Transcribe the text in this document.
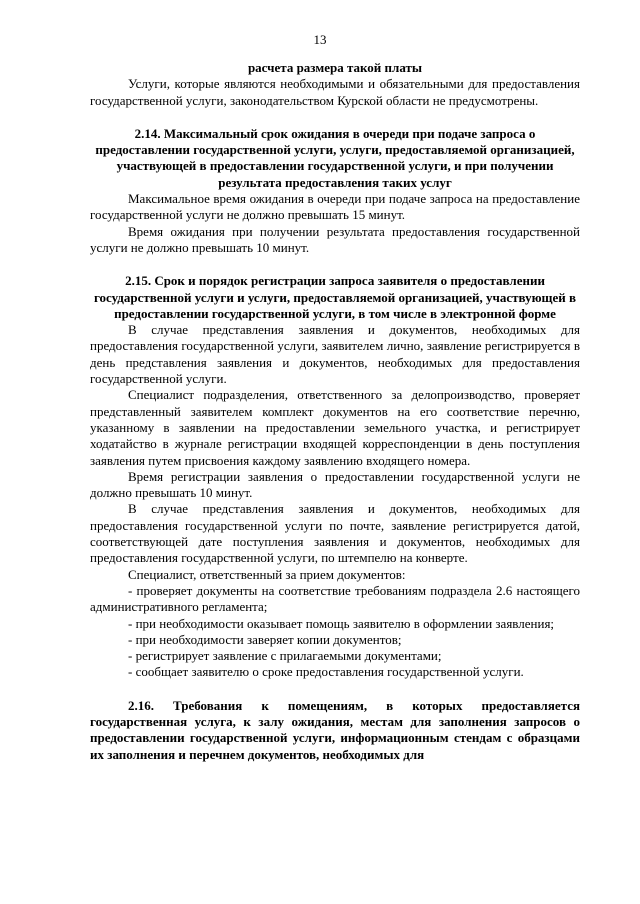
13

расчета размера такой платы

Услуги, которые являются необходимыми и обязательными для предоставления государственной услуги, законодательством Курской области не предусмотрены.

2.14. Максимальный срок ожидания в очереди при подаче запроса о предоставлении государственной услуги, услуги, предоставляемой организацией, участвующей в предоставлении государственной услуги, и при получении результата предоставления таких услуг

Максимальное время ожидания в очереди при подаче запроса на предоставление государственной услуги не должно превышать 15 минут.

Время ожидания при получении результата предоставления государственной услуги не должно превышать 10 минут.

2.15. Срок и порядок регистрации запроса заявителя о предоставлении государственной услуги и услуги, предоставляемой организацией, участвующей в предоставлении государственной услуги, в том числе в электронной форме

В случае представления заявления и документов, необходимых для предоставления государственной услуги, заявителем лично, заявление регистрируется в день представления заявления и документов, необходимых для предоставления государственной услуги.

Специалист подразделения, ответственного за делопроизводство, проверяет представленный заявителем комплект документов на его соответствие перечню, указанному в заявлении на предоставлении земельного участка, и регистрирует ходатайство в журнале регистрации входящей корреспонденции в день поступления заявления путем присвоения каждому заявлению входящего номера.

Время регистрации заявления о предоставлении государственной услуги не должно превышать 10 минут.

В случае представления заявления и документов, необходимых для предоставления государственной услуги по почте, заявление регистрируется датой, соответствующей дате поступления заявления и документов, необходимых для предоставления государственной услуги, по штемпелю на конверте.

Специалист, ответственный за прием документов:

- проверяет документы на соответствие требованиям подраздела 2.6 настоящего административного регламента;

- при необходимости оказывает помощь заявителю в оформлении заявления;

- при необходимости заверяет копии документов;

- регистрирует заявление с прилагаемыми документами;

- сообщает заявителю о сроке предоставления государственной услуги.

2.16. Требования к помещениям, в которых предоставляется государственная услуга, к залу ожидания, местам для заполнения запросов о предоставлении государственной услуги, информационным стендам с образцами их заполнения и перечнем документов, необходимых для
